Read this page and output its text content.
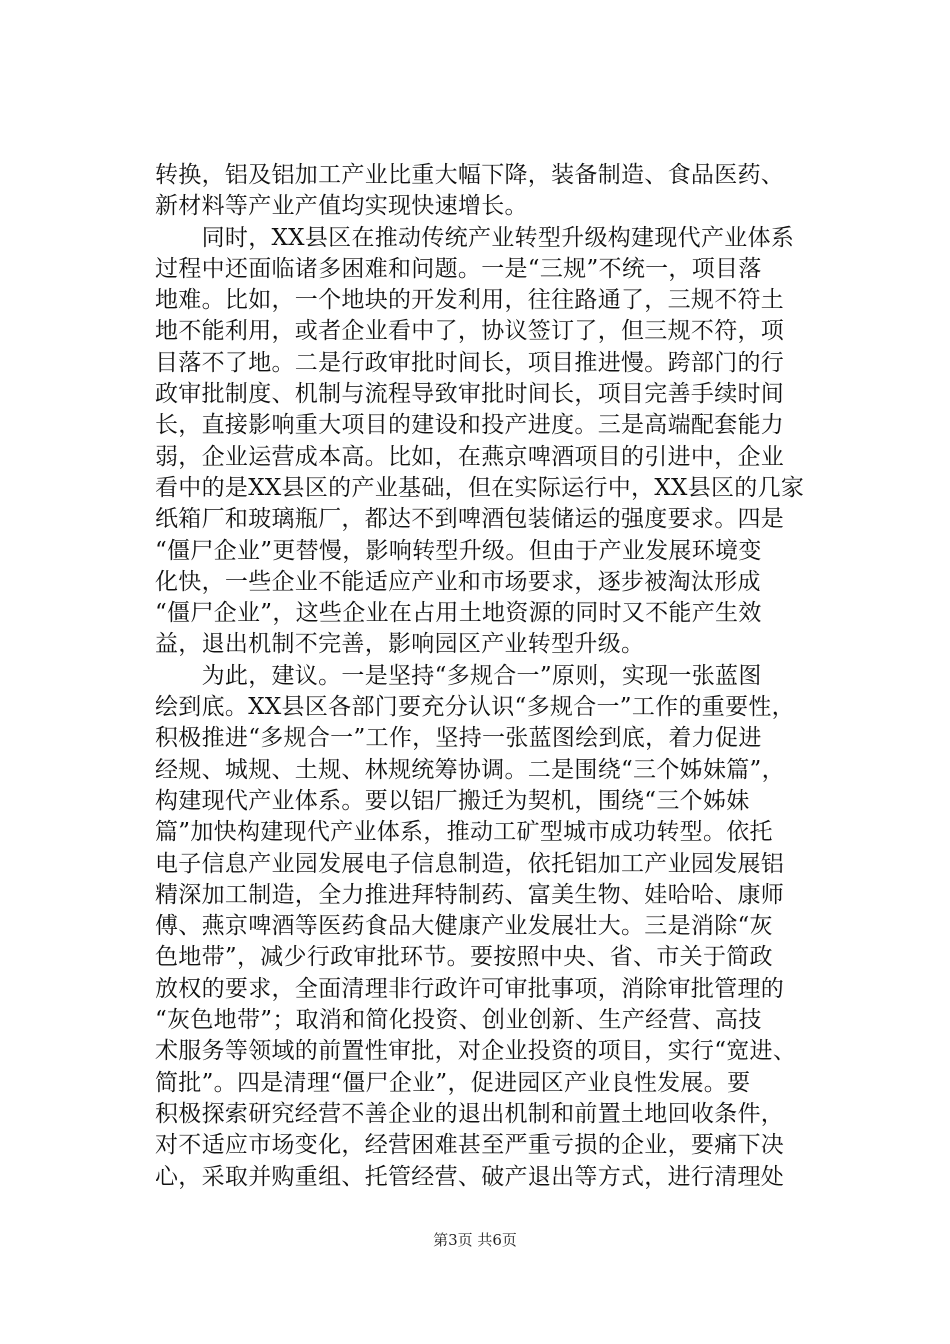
转换，铝及铝加工产业比重大幅下降，装备制造、食品医药、
新材料等产业产值均实现快速增长。
　　同时，XX县区在推动传统产业转型升级构建现代产业体系
过程中还面临诸多困难和问题。一是“三规”不统一，项目落
地难。比如，一个地块的开发利用，往往路通了，三规不符土
地不能利用，或者企业看中了，协议签订了，但三规不符，项
目落不了地。二是行政审批时间长，项目推进慢。跨部门的行
政审批制度、机制与流程导致审批时间长，项目完善手续时间
长，直接影响重大项目的建设和投产进度。三是高端配套能力
弱，企业运营成本高。比如，在燕京啤酒项目的引进中，企业
看中的是XX县区的产业基础，但在实际运行中，XX县区的几家
纸箱厂和玻璃瓶厂，都达不到啤酒包装储运的强度要求。四是
“僵尸企业”更替慢，影响转型升级。但由于产业发展环境变
化快，一些企业不能适应产业和市场要求，逐步被淘汰形成
“僵尸企业”，这些企业在占用土地资源的同时又不能产生效
益，退出机制不完善，影响园区产业转型升级。
　　为此，建议。一是坚持“多规合一”原则，实现一张蓝图
绘到底。XX县区各部门要充分认识“多规合一”工作的重要性，
积极推进“多规合一”工作，坚持一张蓝图绘到底，着力促进
经规、城规、土规、林规统筹协调。二是围绕“三个姊妹篇”，
构建现代产业体系。要以铝厂搬迁为契机，围绕“三个姊妹
篇”加快构建现代产业体系，推动工矿型城市成功转型。依托
电子信息产业园发展电子信息制造，依托铝加工产业园发展铝
精深加工制造，全力推进拜特制药、富美生物、娃哈哈、康师
傅、燕京啤酒等医药食品大健康产业发展壮大。三是消除“灰
色地带”，减少行政审批环节。要按照中央、省、市关于简政
放权的要求，全面清理非行政许可审批事项，消除审批管理的
“灰色地带”；取消和简化投资、创业创新、生产经营、高技
术服务等领域的前置性审批，对企业投资的项目，实行“宽进、
简批”。四是清理“僵尸企业”，促进园区产业良性发展。要
积极探索研究经营不善企业的退出机制和前置土地回收条件，
对不适应市场变化，经营困难甚至严重亏损的企业，要痛下决
心，采取并购重组、托管经营、破产退出等方式，进行清理处
第3页 共6页
